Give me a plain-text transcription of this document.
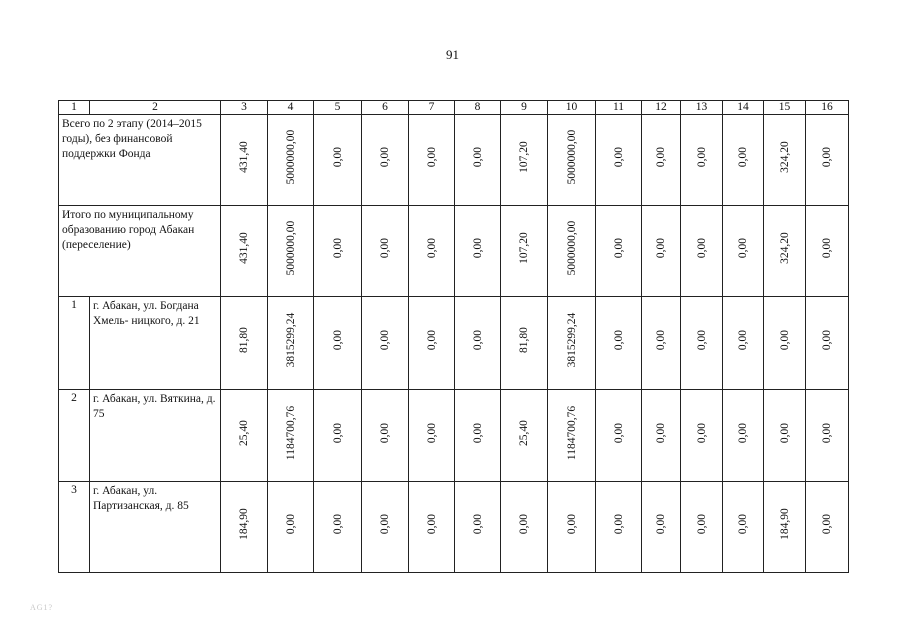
91
1	2	3	4	5	6	7	8	9	10	11	12	13	14	15	16
Всего по 2 этапу (2014–2015 годы), без финансовой поддержки Фонда		431,40	5000000,00	0,00	0,00	0,00	0,00	107,20	5000000,00	0,00	0,00	0,00	0,00	324,20	0,00

Итого по муниципальному образованию город Абакан (переселение)		431,40	5000000,00	0,00	0,00	0,00	0,00	107,20	5000000,00	0,00	0,00	0,00	0,00	324,20	0,00

1	г. Абакан, ул. Богдана Хмель- ницкого, д. 21	81,80	3815299,24	0,00	0,00	0,00	0,00	81,80	3815299,24	0,00	0,00	0,00	0,00	0,00	0,00

2	г. Абакан, ул. Вяткина, д. 75	25,40	1184700,76	0,00	0,00	0,00	0,00	25,40	1184700,76	0,00	0,00	0,00	0,00	0,00	0,00

3	г. Абакан, ул. Партизанская, д. 85	184,90	0,00	0,00	0,00	0,00	0,00	0,00	0,00	0,00	0,00	0,00	0,00	184,90	0,00
AG1?
